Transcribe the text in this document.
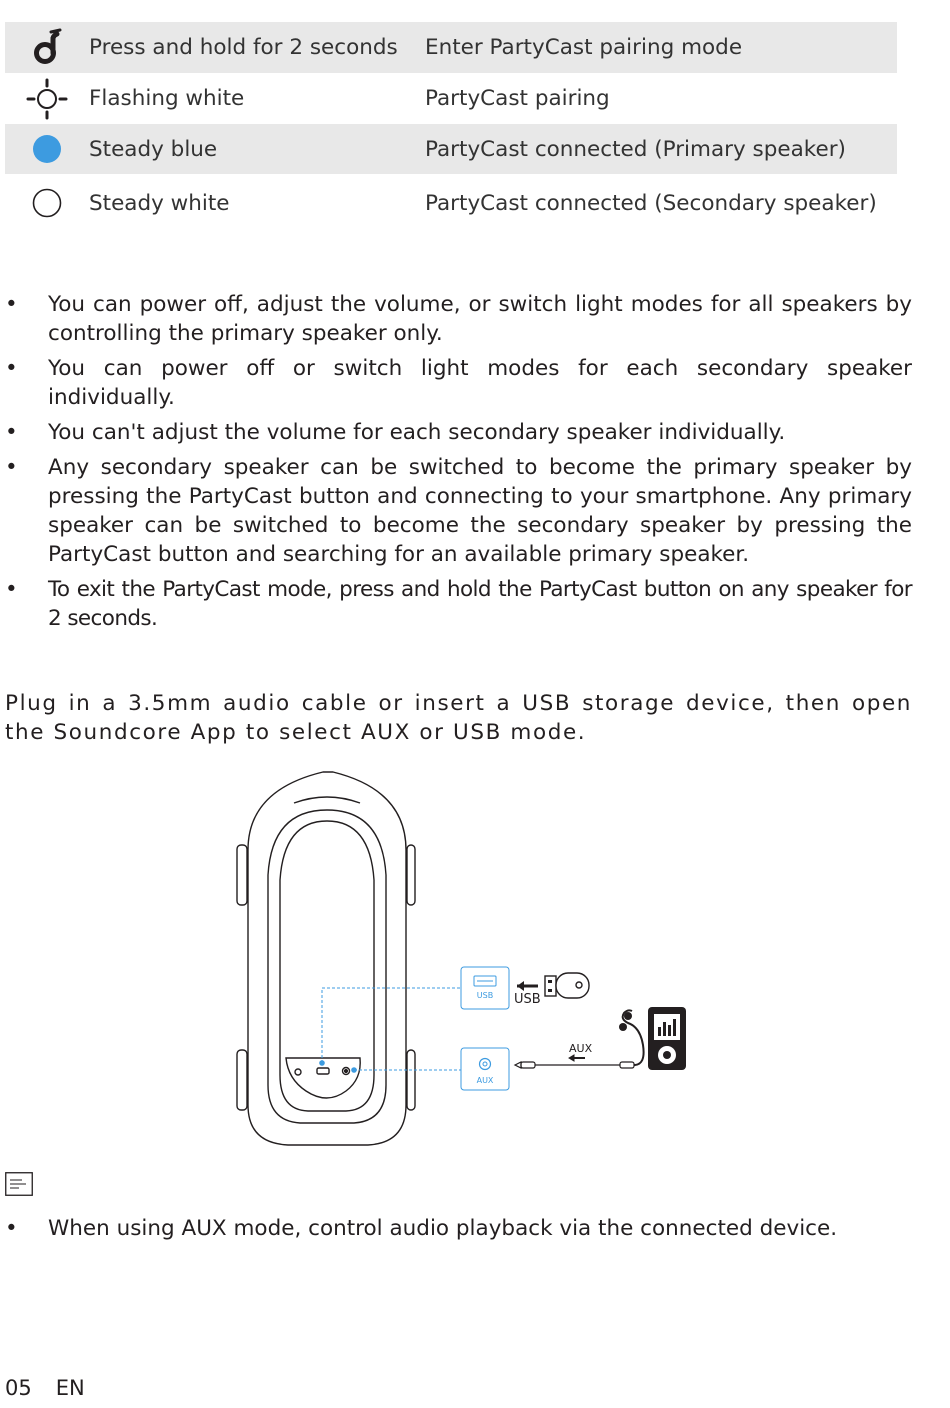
	Press and hold for 2 seconds	Enter PartyCast pairing mode
	Flashing white	PartyCast pairing
	Steady blue	PartyCast connected (Primary speaker)
	Steady white	PartyCast connected (Secondary speaker)
•	You can power off, adjust the volume, or switch light modes for all speakers by controlling the primary speaker only.
•	You can power off or switch light modes for each secondary speaker individually.
•	You can't adjust the volume for each secondary speaker individually.
•	Any secondary speaker can be switched to become the primary speaker by pressing the PartyCast button and connecting to your smartphone. Any primary speaker can be switched to become the secondary speaker by pressing the PartyCast button and searching for an available primary speaker.
•	To exit the PartyCast mode, press and hold the PartyCast button on any speaker for 2 seconds.

Plug in a 3.5mm audio cable or insert a USB storage device, then open the Soundcore App to select AUX or USB mode.

USB USB
AUX
AUX
• When using AUX mode, control audio playback via the connected device.
05 EN
